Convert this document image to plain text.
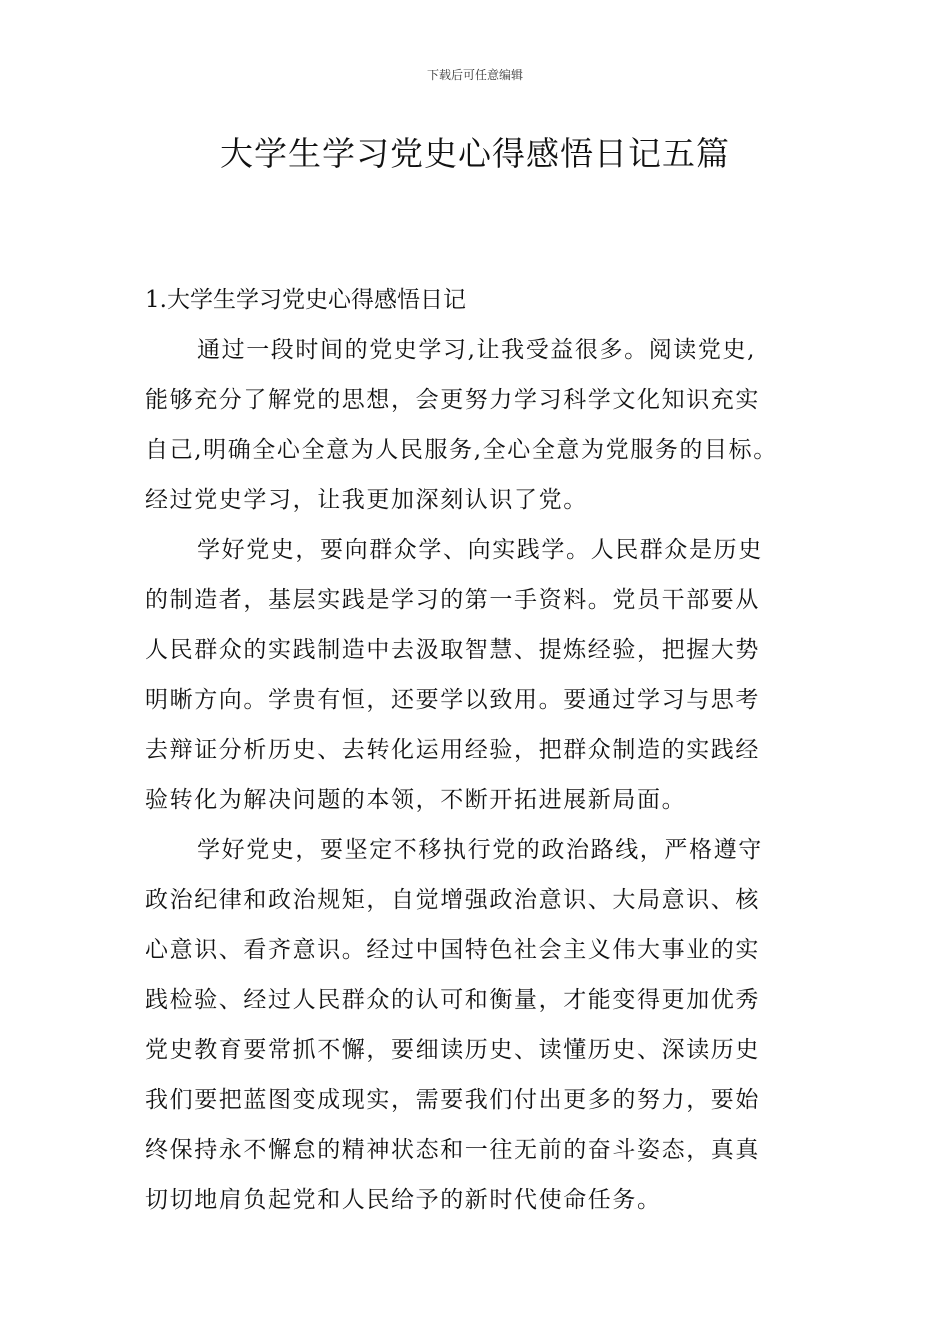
下载后可任意编辑
大学生学习党史心得感悟日记五篇
1.大学生学习党史心得感悟日记
通过一段时间的党史学习,让我受益很多。阅读党史,
能够充分了解党的思想，会更努力学习科学文化知识充实
自己,明确全心全意为人民服务,全心全意为党服务的目标。
经过党史学习，让我更加深刻认识了党。
学好党史，要向群众学、向实践学。人民群众是历史
的制造者，基层实践是学习的第一手资料。党员干部要从
人民群众的实践制造中去汲取智慧、提炼经验，把握大势
明晰方向。学贵有恒，还要学以致用。要通过学习与思考
去辩证分析历史、去转化运用经验，把群众制造的实践经
验转化为解决问题的本领，不断开拓进展新局面。
学好党史，要坚定不移执行党的政治路线，严格遵守
政治纪律和政治规矩，自觉增强政治意识、大局意识、核
心意识、看齐意识。经过中国特色社会主义伟大事业的实
践检验、经过人民群众的认可和衡量，才能变得更加优秀
党史教育要常抓不懈，要细读历史、读懂历史、深读历史
我们要把蓝图变成现实，需要我们付出更多的努力，要始
终保持永不懈怠的精神状态和一往无前的奋斗姿态，真真
切切地肩负起党和人民给予的新时代使命任务。
